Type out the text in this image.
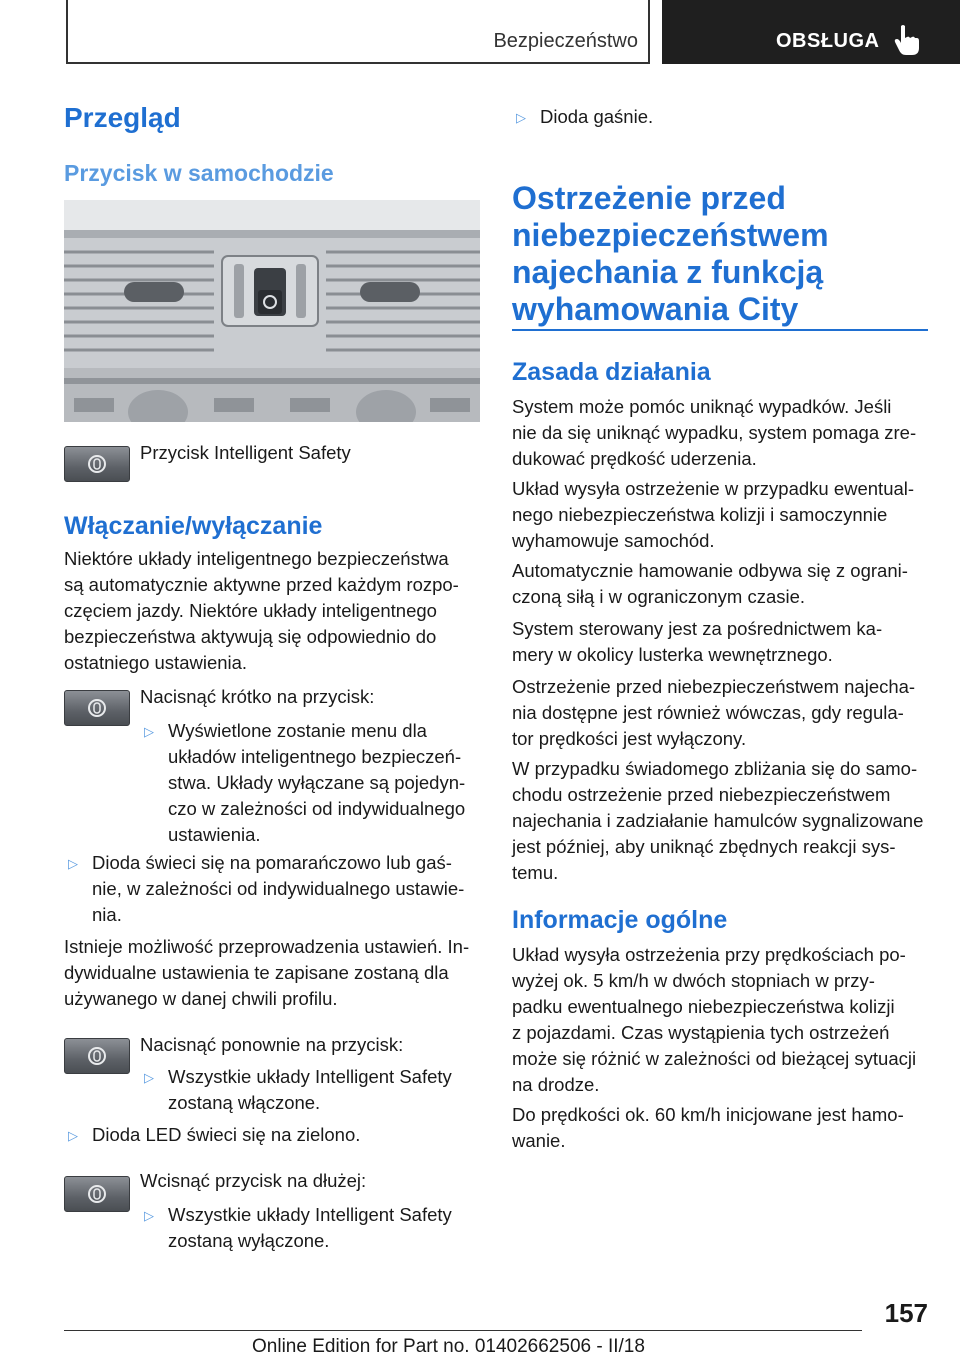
Bezpieczeństwo	OBSŁUGA
Przegląd
Przycisk w samochodzie
Przycisk Intelligent Safety
Włączanie/wyłączanie
Niektóre układy inteligentnego bezpieczeństwa
są automatycznie aktywne przed każdym rozpo-
częciem jazdy. Niektóre układy inteligentnego
bezpieczeństwa aktywują się odpowiednio do
ostatniego ustawienia.
Nacisnąć krótko na przycisk:
▷ Wyświetlone zostanie menu dla
układów inteligentnego bezpieczeń-
stwa. Układy wyłączane są pojedyn-
czo w zależności od indywidualnego
ustawienia.
▷ Dioda świeci się na pomarańczowo lub gaś-
nie, w zależności od indywidualnego ustawie-
nia.
Istnieje możliwość przeprowadzenia ustawień. In-
dywidualne ustawienia te zapisane zostaną dla
używanego w danej chwili profilu.
Nacisnąć ponownie na przycisk:
▷ Wszystkie układy Intelligent Safety
zostaną włączone.
▷ Dioda LED świeci się na zielono.
Wcisnąć przycisk na dłużej:
▷ Wszystkie układy Intelligent Safety
zostaną wyłączone.
▷ Dioda gaśnie.
Ostrzeżenie przed
niebezpieczeństwem
najechania z funkcją
wyhamowania City
Zasada działania
System może pomóc uniknąć wypadków. Jeśli
nie da się uniknąć wypadku, system pomaga zre-
dukować prędkość uderzenia.
Układ wysyła ostrzeżenie w przypadku ewentual-
nego niebezpieczeństwa kolizji i samoczynnie
wyhamowuje samochód.
Automatycznie hamowanie odbywa się z ograni-
czoną siłą i w ograniczonym czasie.
System sterowany jest za pośrednictwem ka-
mery w okolicy lusterka wewnętrznego.
Ostrzeżenie przed niebezpieczeństwem najecha-
nia dostępne jest również wówczas, gdy regula-
tor prędkości jest wyłączony.
W przypadku świadomego zbliżania się do samo-
chodu ostrzeżenie przed niebezpieczeństwem
najechania i zadziałanie hamulców sygnalizowane
jest później, aby uniknąć zbędnych reakcji sys-
temu.
Informacje ogólne
Układ wysyła ostrzeżenia przy prędkościach po-
wyżej ok. 5 km/h w dwóch stopniach w przy-
padku ewentualnego niebezpieczeństwa kolizji
z pojazdami. Czas wystąpienia tych ostrzeżeń
może się różnić w zależności od bieżącej sytuacji
na drodze.
Do prędkości ok. 60 km/h inicjowane jest hamo-
wanie.
157
Online Edition for Part no. 01402662506 - II/18
